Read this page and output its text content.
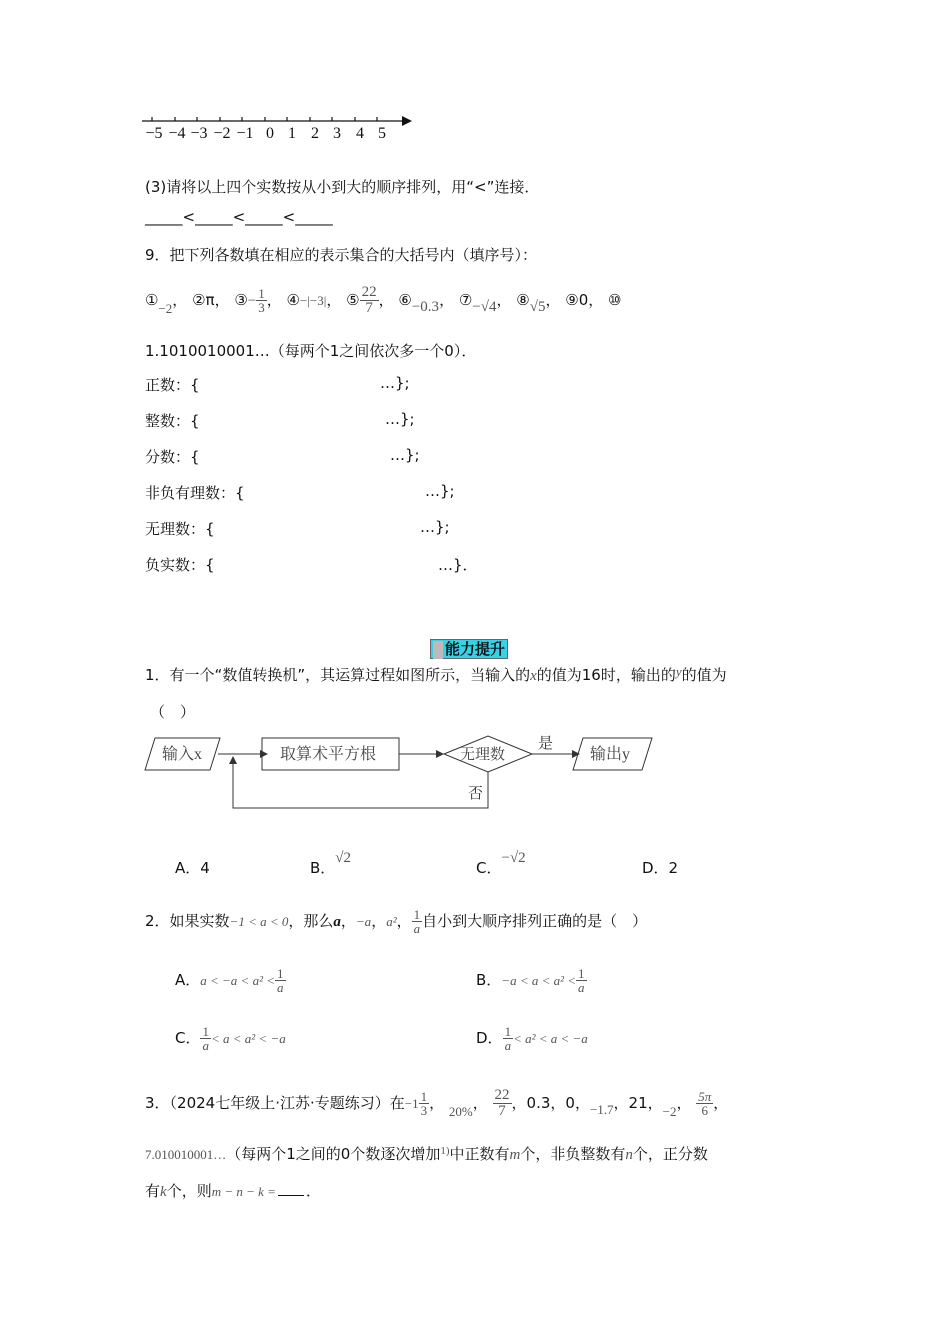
−5 −4 −3 −2 −1 0 1 2 3 4 5
(3)请将以上四个实数按从小到大的顺序排列，用“<”连接．
_____<_____<_____<_____
9．把下列各数填在相应的表示集合的大括号内（填序号）：
①−2， ②π， ③− $\frac{1}{3}$ ， ④−|−3|， ⑤ $\frac{22}{7}$ ， ⑥−0.3， ⑦−√4， ⑧√5， ⑨0， ⑩
1.1010010001…（每两个1之间依次多一个0）．
正数：{	…};
整数：{	…};
分数：{	…};
非负有理数：{	…};
无理数：{	…};
负实数：{	…}．
能力提升
1．有一个“数值转换机”，其运算过程如图所示，当输入的x的值为16时，输出的y的值为
（　）
输入x	取算术平方根	无理数
是
输出y
否
A．4	B．√2
C．−√2
D．2
2．如果实数−1 < a < 0，那么a，−a，a²， $\frac{1}{a}$ 自小到大顺序排列正确的是（　）
A．$a < -a < a^2 < \frac{1}{a}$	B．$-a < a < a^2 < \frac{1}{a}$
C． $\frac{1}{a} < a < a^2 < -a$	D． $\frac{1}{a} < a^2 < a < -a$
3．（2024七年级上·江苏·专题练习）在$-1 \frac{1}{3}$ ， 20%， $\frac{22}{7}$ ，0.3，0，−1.7，21，−2， $\frac{5\pi}{6}$ ，
7.010010001…（每两个1之间的0个数逐次增加$^{1)}$中正数有m个，非负整数有n个，正分数
有k个，则m − n − k = ．
